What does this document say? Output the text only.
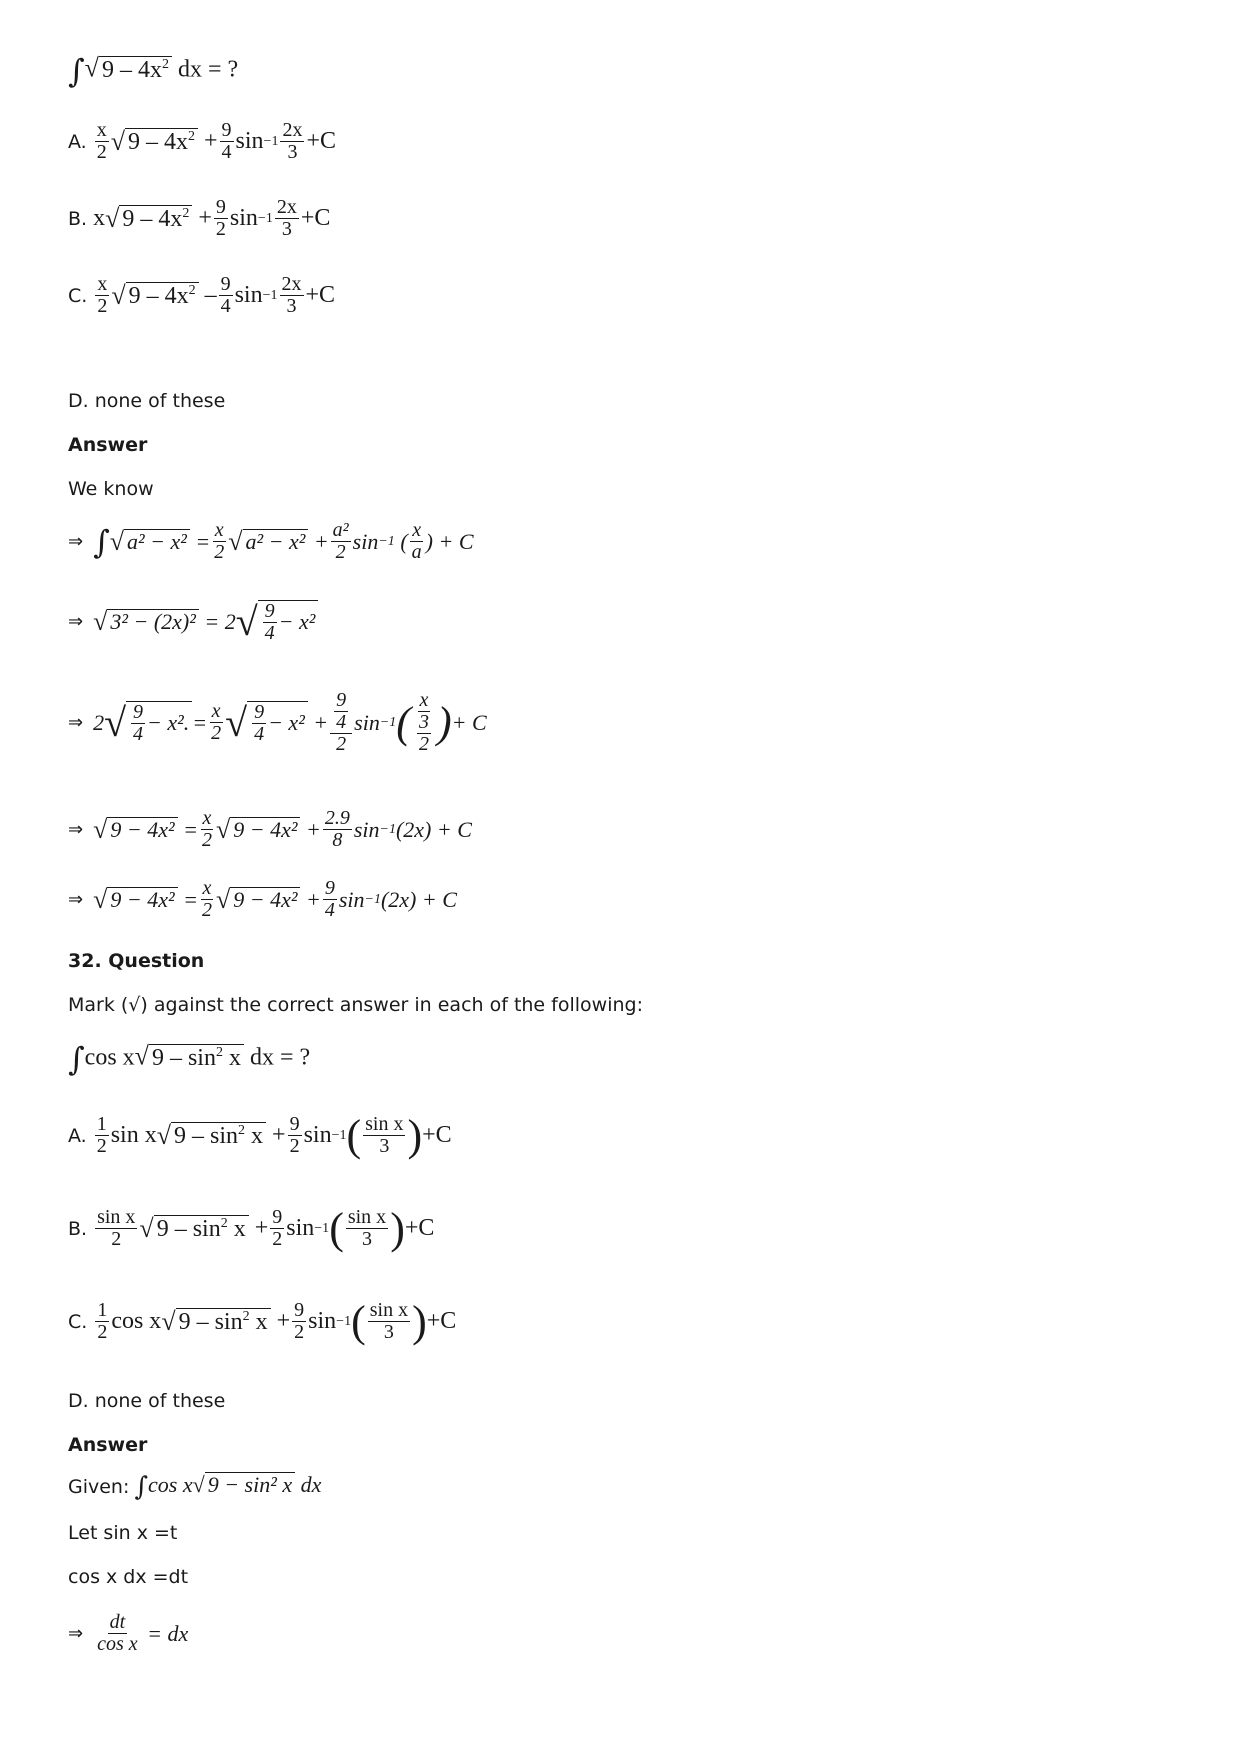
∫√ $9 - 4x^2$ dx = ?
A. $\frac{x}{2}$ √ $9 - 4x^2 + \frac{9}{4}$ $\sin -1 \frac{2x}{3} +C$
B. x √ $9 - 4x^2 + \frac{9}{2}$ $\sin -1 \frac{2x}{3} +C$
C. $\frac{x}{2}$ √ $9 - 4x^2 - \frac{9}{4}$ $\sin -1 \frac{2x}{3} +C$
D. none of these
Answer
We know
⇒ ∫ √ $a^2 - x^2 = \frac{x}{2}$ √ $a^2 - x^2 + \frac{\text{a²}}{2}$ sin −1 ( $\frac{x}{a}$ ) + C
⇒ √ 3² − (2x)² = 2 √ $\frac{9}{4} - x^2$
⇒ 2 √ $\frac{9}{4} - x^2$. = $\frac{x}{2}$ √ $\frac{9}{4} - x^2 + \frac{\frac{9}{4}}{2}$ sin −1 ( $\frac{x}{\frac{3}{2}}$ ) + C
⇒ √ $9 - 4x^2 = \frac{x}{2}$ √ $9 - 4x^2 + \frac{2.9}{8}$ sin −1 (2x) + C
⇒ √ $9 - 4x^2 = \frac{x}{2}$ √ $9 - 4x^2 + \frac{9}{4}$ sin −1 (2x) + C
32. Question
Mark (√) against the correct answer in each of the following:
∫cos x√ $9 - \sin^2 x$ dx = ?
A. $\frac{1}{2}$ sin x √ $9 - \sin^2 x + \frac{9}{2}$ sin −1 ( $\frac{\text{sin x}}{3}$ ) +C
B. $\frac{\text{sin x}}{2}$ √ $9 - \sin^2 x + \frac{9}{2}$ sin −1 ( $\frac{\text{sin x}}{3}$ ) +C
C. $\frac{1}{2}$ cos x √ $9 - \sin^2 x + \frac{9}{2}$ sin −1 ( $\frac{\text{sin x}}{3}$ ) +C
D. none of these
Answer
Given:
∫cos x√ 9 − sin² x dx
Let sin x =t
cos x dx =dt
⇒ $\frac{dt}{\text{cos x}}$ = dx
